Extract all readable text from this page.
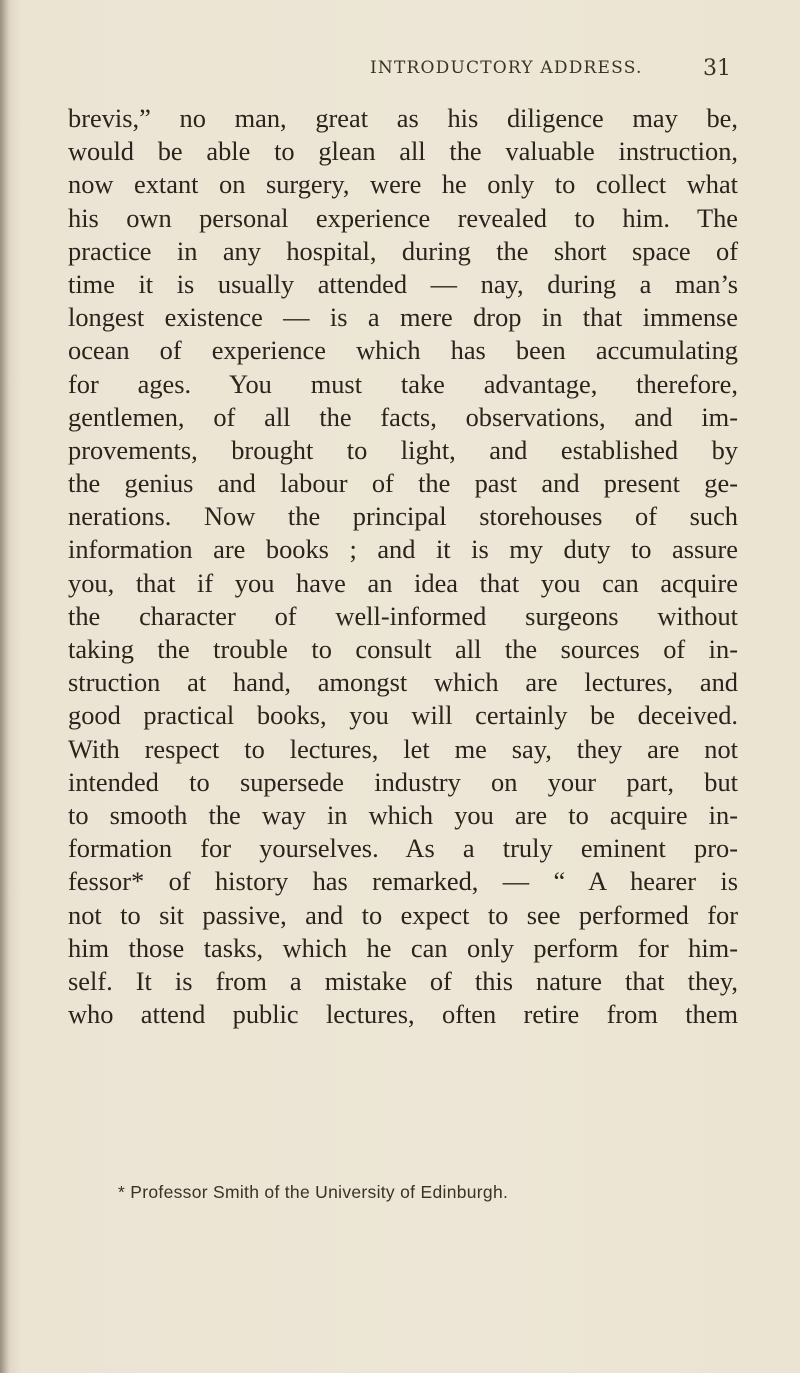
INTRODUCTORY ADDRESS.	31
brevis,” no man, great as his diligence may be,
would be able to glean all the valuable instruction,
now extant on surgery, were he only to collect what
his own personal experience revealed to him. The
practice in any hospital, during the short space of
time it is usually attended — nay, during a man’s
longest existence — is a mere drop in that immense
ocean of experience which has been accumulating
for ages. You must take advantage, therefore,
gentlemen, of all the facts, observations, and im-
provements, brought to light, and established by
the genius and labour of the past and present ge-
nerations. Now the principal storehouses of such
information are books ; and it is my duty to assure
you, that if you have an idea that you can acquire
the character of well-informed surgeons without
taking the trouble to consult all the sources of in-
struction at hand, amongst which are lectures, and
good practical books, you will certainly be deceived.
With respect to lectures, let me say, they are not
intended to supersede industry on your part, but
to smooth the way in which you are to acquire in-
formation for yourselves. As a truly eminent pro-
fessor* of history has remarked, — “ A hearer is
not to sit passive, and to expect to see performed for
him those tasks, which he can only perform for him-
self. It is from a mistake of this nature that they,
who attend public lectures, often retire from them
* Professor Smith of the University of Edinburgh.
